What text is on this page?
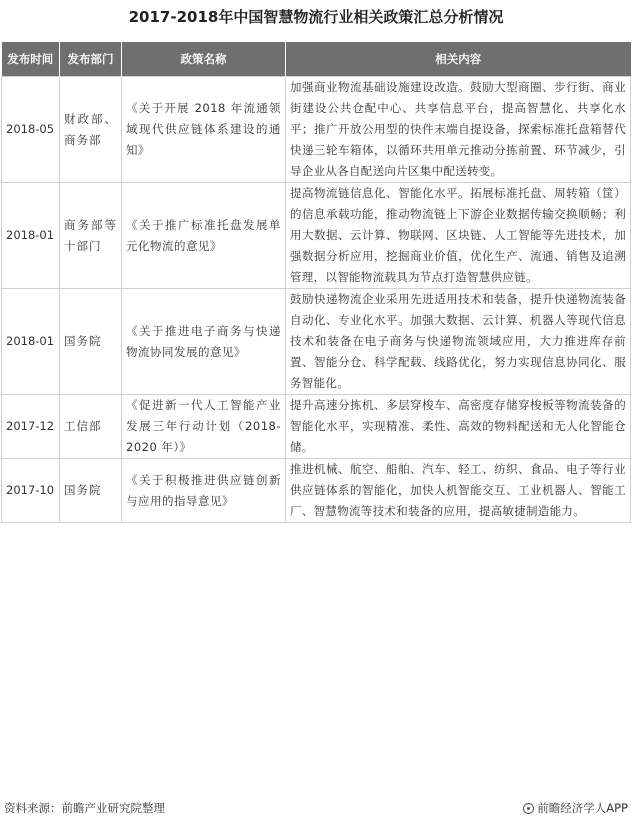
2017-2018年中国智慧物流行业相关政策汇总分析情况
发布时间	发布部门	政策名称	相关内容
2018-05	财政部、商务部	《关于开展 2018 年流通领域现代供应链体系建设的通知》	加强商业物流基础设施建设改造。鼓励大型商圈、步行街、商业街建设公共仓配中心、共享信息平台，提高智慧化、共享化水平；推广开放公用型的快件末端自提设备，探索标准托盘箱替代快递三轮车箱体，以循环共用单元推动分拣前置、环节减少，引导企业从各自配送向片区集中配送转变。
2018-01	商务部等十部门	《关于推广标准托盘发展单元化物流的意见》	提高物流链信息化、智能化水平。拓展标准托盘、周转箱（筐）的信息承载功能，推动物流链上下游企业数据传输交换顺畅；利用大数据、云计算、物联网、区块链、人工智能等先进技术，加强数据分析应用，挖掘商业价值，优化生产、流通、销售及追溯管理，以智能物流载具为节点打造智慧供应链。
2018-01	国务院	《关于推进电子商务与快递物流协同发展的意见》	鼓励快递物流企业采用先进适用技术和装备，提升快递物流装备自动化、专业化水平。加强大数据、云计算、机器人等现代信息技术和装备在电子商务与快递物流领域应用，大力推进库存前置、智能分仓、科学配载、线路优化，努力实现信息协同化、服务智能化。
2017-12	工信部	《促进新一代人工智能产业发展三年行动计划（2018-2020 年）》	提升高速分拣机、多层穿梭车、高密度存储穿梭板等物流装备的智能化水平，实现精准、柔性、高效的物料配送和无人化智能仓储。
2017-10	国务院	《关于积极推进供应链创新与应用的指导意见》	推进机械、航空、船舶、汽车、轻工、纺织、食品、电子等行业供应链体系的智能化，加快人机智能交互、工业机器人、智能工厂、智慧物流等技术和装备的应用，提高敏捷制造能力。
资料来源：前瞻产业研究院整理	前瞻经济学人APP
